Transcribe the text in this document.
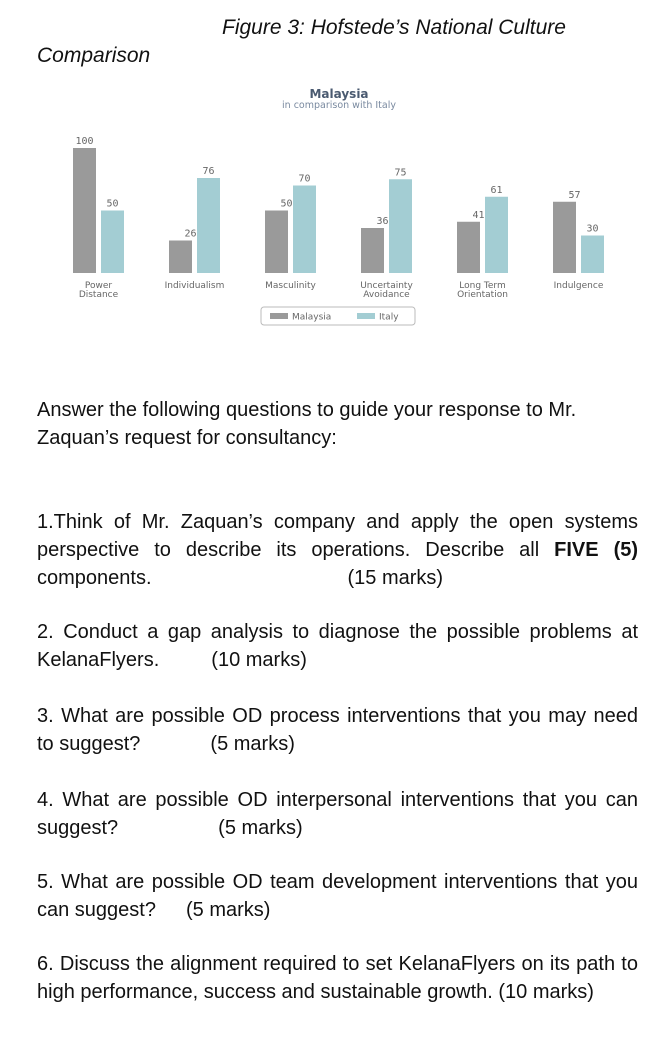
Figure 3: Hofstede’s National Culture
Comparison
Malaysia
in comparison with Italy
100
50
Power
Distance
26
76
Individualism
50
70
Masculinity
36
75
Uncertainty
Avoidance
41
61
Long Term
Orientation
57
30
Indulgence
Malaysia	Italy

Answer the following questions to guide your response to Mr. Zaquan’s request for consultancy:

1.Think of Mr. Zaquan’s company and apply the open systems perspective to describe its operations. Describe all FIVE (5) components.	(15 marks)

2. Conduct a gap analysis to diagnose the possible problems at KelanaFlyers.	(10 marks)

3. What are possible OD process interventions that you may need to suggest?	(5 marks)

4. What are possible OD interpersonal interventions that you can suggest?	(5 marks)

5. What are possible OD team development interventions that you can suggest? (5 marks)

6. Discuss the alignment required to set KelanaFlyers on its path to high performance, success and sustainable growth. (10 marks)
